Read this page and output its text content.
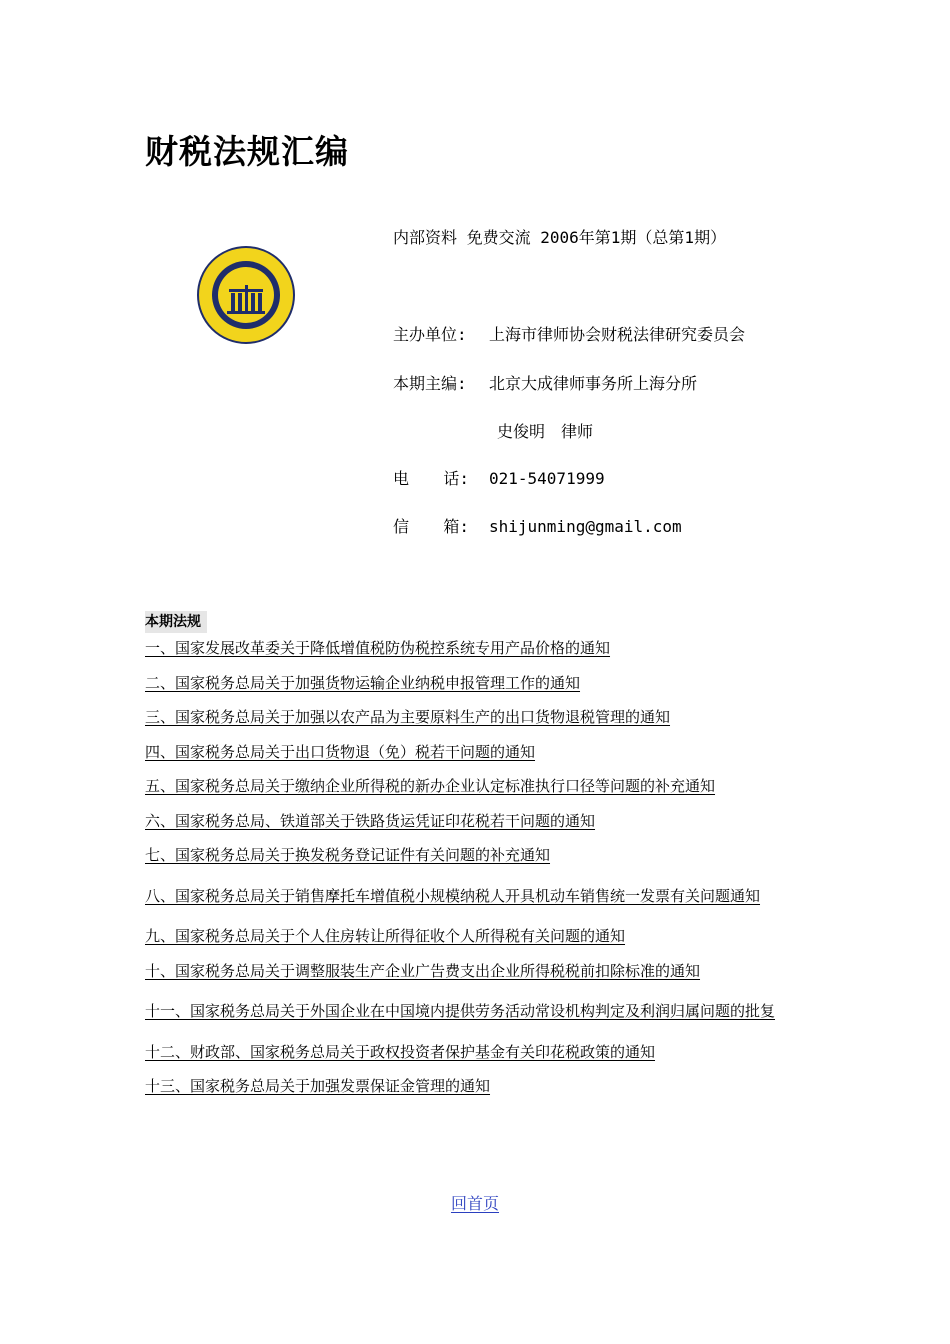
财税法规汇编
内部资料 免费交流 2006年第1期（总第1期）
主办单位: 上海市律师协会财税法律研究委员会
本期主编: 北京大成律师事务所上海分所
史俊明　律师
电 话: 021-54071999
信 箱: shijunming@gmail.com
本期法规
一、国家发展改革委关于降低增值税防伪税控系统专用产品价格的通知
二、国家税务总局关于加强货物运输企业纳税申报管理工作的通知
三、国家税务总局关于加强以农产品为主要原料生产的出口货物退税管理的通知
四、国家税务总局关于出口货物退（免）税若干问题的通知
五、国家税务总局关于缴纳企业所得税的新办企业认定标准执行口径等问题的补充通知
六、国家税务总局、铁道部关于铁路货运凭证印花税若干问题的通知
七、国家税务总局关于换发税务登记证件有关问题的补充通知
八、国家税务总局关于销售摩托车增值税小规模纳税人开具机动车销售统一发票有关问题通知
九、国家税务总局关于个人住房转让所得征收个人所得税有关问题的通知
十、国家税务总局关于调整服装生产企业广告费支出企业所得税税前扣除标准的通知
十一、国家税务总局关于外国企业在中国境内提供劳务活动常设机构判定及利润归属问题的批复
十二、财政部、国家税务总局关于政权投资者保护基金有关印花税政策的通知
十三、国家税务总局关于加强发票保证金管理的通知
回首页
